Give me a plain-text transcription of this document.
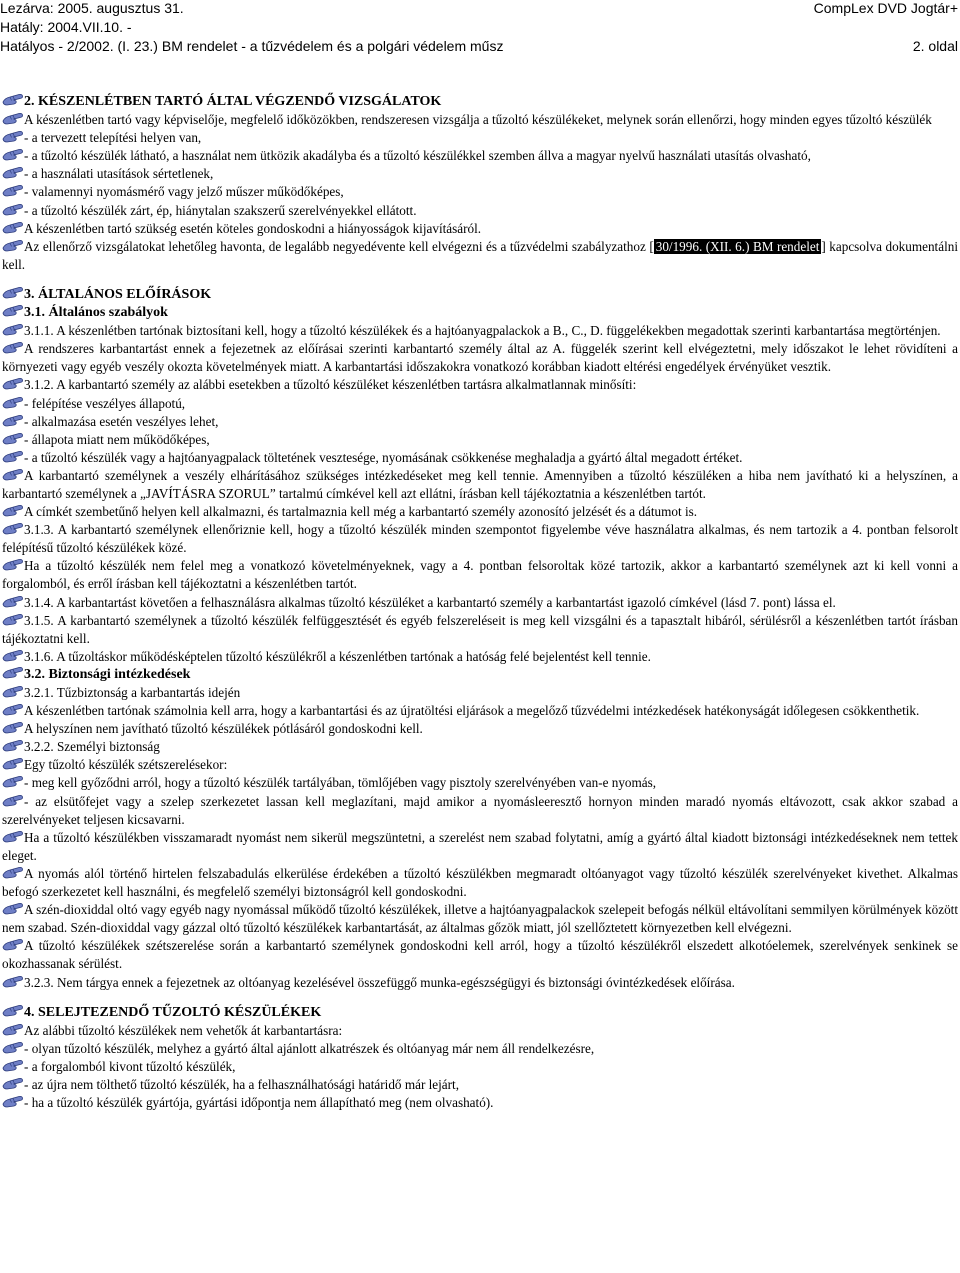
Lezárva: 2005. augusztus 31.	CompLex DVD Jogtár+
Hatály: 2004.VII.10. -
Hatályos - 2/2002. (I. 23.) BM rendelet - a tűzvédelem és a polgári védelem műsz	2. oldal

2. KÉSZENLÉTBEN TARTÓ ÁLTAL VÉGZENDŐ VIZSGÁLATOK

A készenlétben tartó vagy képviselője, megfelelő időközökben, rendszeresen vizsgálja a tűzoltó készülékeket, melynek során ellenőrzi, hogy minden egyes tűzoltó készülék

- a tervezett telepítési helyen van,

- a tűzoltó készülék látható, a használat nem ütközik akadályba és a tűzoltó készülékkel szemben állva a magyar nyelvű használati utasítás olvasható,

- a használati utasítások sértetlenek,

- valamennyi nyomásmérő vagy jelző műszer működőképes,

- a tűzoltó készülék zárt, ép, hiánytalan szakszerű szerelvényekkel ellátott.

A készenlétben tartó szükség esetén köteles gondoskodni a hiányosságok kijavításáról.

Az ellenőrző vizsgálatokat lehetőleg havonta, de legalább negyedévente kell elvégezni és a tűzvédelmi szabályzathoz [ 30/1996. (XII. 6.) BM rendelet ] kapcsolva dokumentálni kell.

3. ÁLTALÁNOS ELŐÍRÁSOK

3.1. Általános szabályok

3.1.1. A készenlétben tartónak biztosítani kell, hogy a tűzoltó készülékek és a hajtóanyagpalackok a B., C., D. függelékekben megadottak szerinti karbantartása megtörténjen.

A rendszeres karbantartást ennek a fejezetnek az előírásai szerinti karbantartó személy által az A. függelék szerint kell elvégeztetni, mely időszakot le lehet rövidíteni a környezeti vagy egyéb veszély okozta követelmények miatt. A karbantartási időszakokra vonatkozó korábban kiadott eltérési engedélyek érvényüket vesztik.

3.1.2. A karbantartó személy az alábbi esetekben a tűzoltó készüléket készenlétben tartásra alkalmatlannak minősíti:

- felépítése veszélyes állapotú,

- alkalmazása esetén veszélyes lehet,

- állapota miatt nem működőképes,

- a tűzoltó készülék vagy a hajtóanyagpalack töltetének vesztesége, nyomásának csökkenése meghaladja a gyártó által megadott értéket.

A karbantartó személynek a veszély elhárításához szükséges intézkedéseket meg kell tennie. Amennyiben a tűzoltó készüléken a hiba nem javítható ki a helyszínen, a karbantartó személynek a „JAVÍTÁSRA SZORUL” tartalmú címkével kell azt ellátni, írásban kell tájékoztatnia a készenlétben tartót.

A címkét szembetűnő helyen kell alkalmazni, és tartalmaznia kell még a karbantartó személy azonosító jelzését és a dátumot is.

3.1.3. A karbantartó személynek ellenőriznie kell, hogy a tűzoltó készülék minden szempontot figyelembe véve használatra alkalmas, és nem tartozik a 4. pontban felsorolt felépítésű tűzoltó készülékek közé.

Ha a tűzoltó készülék nem felel meg a vonatkozó követelményeknek, vagy a 4. pontban felsoroltak közé tartozik, akkor a karbantartó személynek azt ki kell vonni a forgalomból, és erről írásban kell tájékoztatni a készenlétben tartót.

3.1.4. A karbantartást követően a felhasználásra alkalmas tűzoltó készüléket a karbantartó személy a karbantartást igazoló címkével (lásd 7. pont) lássa el.

3.1.5. A karbantartó személynek a tűzoltó készülék felfüggesztését és egyéb felszereléseit is meg kell vizsgálni és a tapasztalt hibáról, sérülésről a készenlétben tartót írásban tájékoztatni kell.

3.1.6. A tűzoltáskor működésképtelen tűzoltó készülékről a készenlétben tartónak a hatóság felé bejelentést kell tennie.

3.2. Biztonsági intézkedések

3.2.1. Tűzbiztonság a karbantartás idején

A készenlétben tartónak számolnia kell arra, hogy a karbantartási és az újratöltési eljárások a megelőző tűzvédelmi intézkedések hatékonyságát időlegesen csökkenthetik.

A helyszínen nem javítható tűzoltó készülékek pótlásáról gondoskodni kell.

3.2.2. Személyi biztonság

Egy tűzoltó készülék szétszerelésekor:

- meg kell győződni arról, hogy a tűzoltó készülék tartályában, tömlőjében vagy pisztoly szerelvényében van-e nyomás,

- az elsütőfejet vagy a szelep szerkezetet lassan kell meglazítani, majd amikor a nyomásleeresztő hornyon minden maradó nyomás eltávozott, csak akkor szabad a szerelvényeket teljesen kicsavarni.

Ha a tűzoltó készülékben visszamaradt nyomást nem sikerül megszüntetni, a szerelést nem szabad folytatni, amíg a gyártó által kiadott biztonsági intézkedéseknek nem tettek eleget.

A nyomás alól történő hirtelen felszabadulás elkerülése érdekében a tűzoltó készülékben megmaradt oltóanyagot vagy tűzoltó készülék szerelvényeket kivethet. Alkalmas befogó szerkezetet kell használni, és megfelelő személyi biztonságról kell gondoskodni.

A szén-dioxiddal oltó vagy egyéb nagy nyomással működő tűzoltó készülékek, illetve a hajtóanyagpalackok szelepeit befogás nélkül eltávolítani semmilyen körülmények között nem szabad. Szén-dioxiddal vagy gázzal oltó tűzoltó készülékek karbantartását, az általmas gőzök miatt, jól szellőztetett környezetben kell elvégezni.

A tűzoltó készülékek szétszerelése során a karbantartó személynek gondoskodni kell arról, hogy a tűzoltó készülékről elszedett alkotóelemek, szerelvények senkinek se okozhassanak sérülést.

3.2.3. Nem tárgya ennek a fejezetnek az oltóanyag kezelésével összefüggő munka-egészségügyi és biztonsági óvintézkedések előírása.

4. SELEJTEZENDŐ TŰZOLTÓ KÉSZÜLÉKEK

Az alábbi tűzoltó készülékek nem vehetők át karbantartásra:

- olyan tűzoltó készülék, melyhez a gyártó által ajánlott alkatrészek és oltóanyag már nem áll rendelkezésre,

- a forgalomból kivont tűzoltó készülék,

- az újra nem tölthető tűzoltó készülék, ha a felhasználhatósági határidő már lejárt,

- ha a tűzoltó készülék gyártója, gyártási időpontja nem állapítható meg (nem olvasható).
